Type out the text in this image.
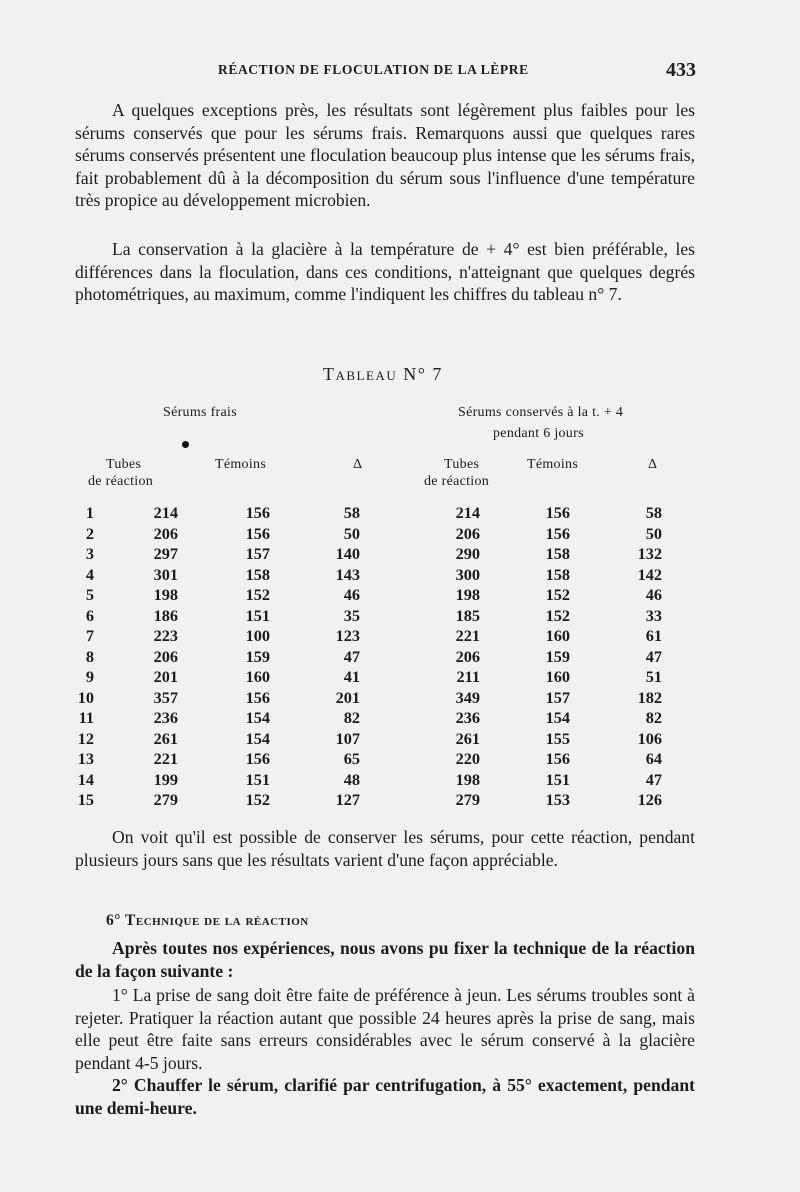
RÉACTION DE FLOCULATION DE LA LÈPRE	433

A quelques exceptions près, les résultats sont légèrement plus faibles pour les sérums conservés que pour les sérums frais. Remarquons aussi que quelques rares sérums conservés présentent une floculation beaucoup plus intense que les sérums frais, fait probablement dû à la décomposition du sérum sous l'influence d'une température très propice au développement microbien.

La conservation à la glacière à la température de + 4° est bien préférable, les différences dans la floculation, dans ces conditions, n'atteignant que quelques degrés photométriques, au maximum, comme l'indiquent les chiffres du tableau n° 7.

Tableau N° 7
Sérums frais	Sérums conservés à la t. + 4
pendant 6 jours
Tubes
de réaction
Témoins	Δ	Tubes
de réaction
Témoins	Δ
1	214	156	58	214	156	58
2	206	156	50	206	156	50
3	297	157	140	290	158	132
4	301	158	143	300	158	142
5	198	152	46	198	152	46
6	186	151	35	185	152	33
7	223	100	123	221	160	61
8	206	159	47	206	159	47
9	201	160	41	211	160	51
10	357	156	201	349	157	182
11	236	154	82	236	154	82
12	261	154	107	261	155	106
13	221	156	65	220	156	64
14	199	151	48	198	151	47
15	279	152	127	279	153	126

On voit qu'il est possible de conserver les sérums, pour cette réaction, pendant plusieurs jours sans que les résultats varient d'une façon appréciable.

6° Technique de la réaction

Après toutes nos expériences, nous avons pu fixer la technique de la réaction de la façon suivante :

1° La prise de sang doit être faite de préférence à jeun. Les sérums troubles sont à rejeter. Pratiquer la réaction autant que possible 24 heures après la prise de sang, mais elle peut être faite sans erreurs considérables avec le sérum conservé à la glacière pendant 4-5 jours.

2° Chauffer le sérum, clarifié par centrifugation, à 55° exactement, pendant une demi-heure.
